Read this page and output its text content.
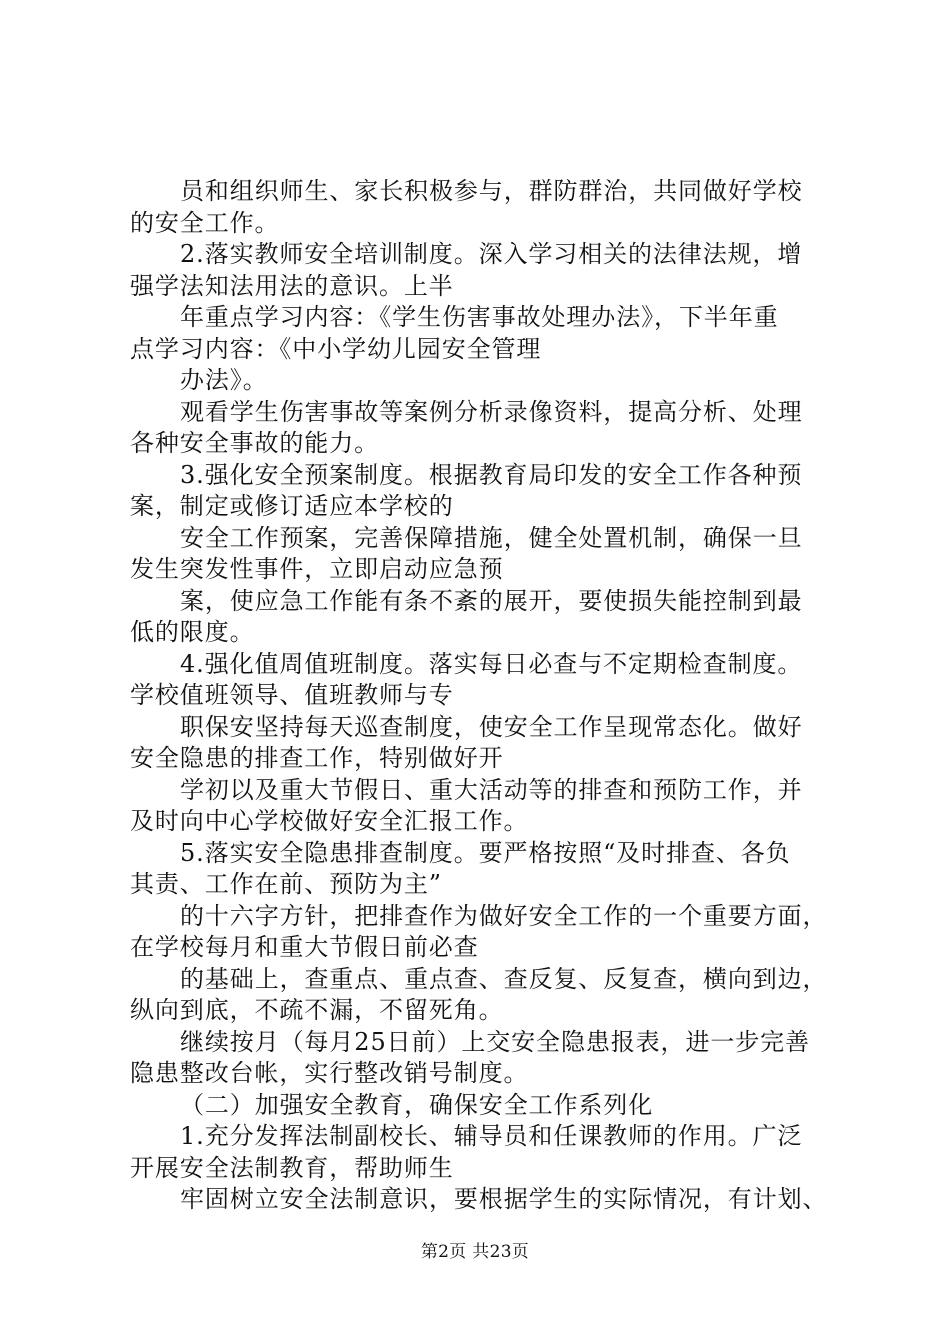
员和组织师生、家长积极参与，群防群治，共同做好学校
的安全工作。
2.落实教师安全培训制度。深入学习相关的法律法规，增
强学法知法用法的意识。上半
年重点学习内容：《学生伤害事故处理办法》，下半年重
点学习内容：《中小学幼儿园安全管理
办法》。
观看学生伤害事故等案例分析录像资料，提高分析、处理
各种安全事故的能力。
3.强化安全预案制度。根据教育局印发的安全工作各种预
案，制定或修订适应本学校的
安全工作预案，完善保障措施，健全处置机制，确保一旦
发生突发性事件，立即启动应急预
案，使应急工作能有条不紊的展开，要使损失能控制到最
低的限度。
4.强化值周值班制度。落实每日必查与不定期检查制度。
学校值班领导、值班教师与专
职保安坚持每天巡查制度，使安全工作呈现常态化。做好
安全隐患的排查工作，特别做好开
学初以及重大节假日、重大活动等的排查和预防工作，并
及时向中心学校做好安全汇报工作。
5.落实安全隐患排查制度。要严格按照“及时排查、各负
其责、工作在前、预防为主”
的十六字方针，把排查作为做好安全工作的一个重要方面，
在学校每月和重大节假日前必查
的基础上，查重点、重点查、查反复、反复查，横向到边，
纵向到底，不疏不漏，不留死角。
继续按月（每月25日前）上交安全隐患报表，进一步完善
隐患整改台帐，实行整改销号制度。
（二）加强安全教育，确保安全工作系列化
1.充分发挥法制副校长、辅导员和任课教师的作用。广泛
开展安全法制教育，帮助师生
牢固树立安全法制意识，要根据学生的实际情况，有计划、
第2页 共23页
